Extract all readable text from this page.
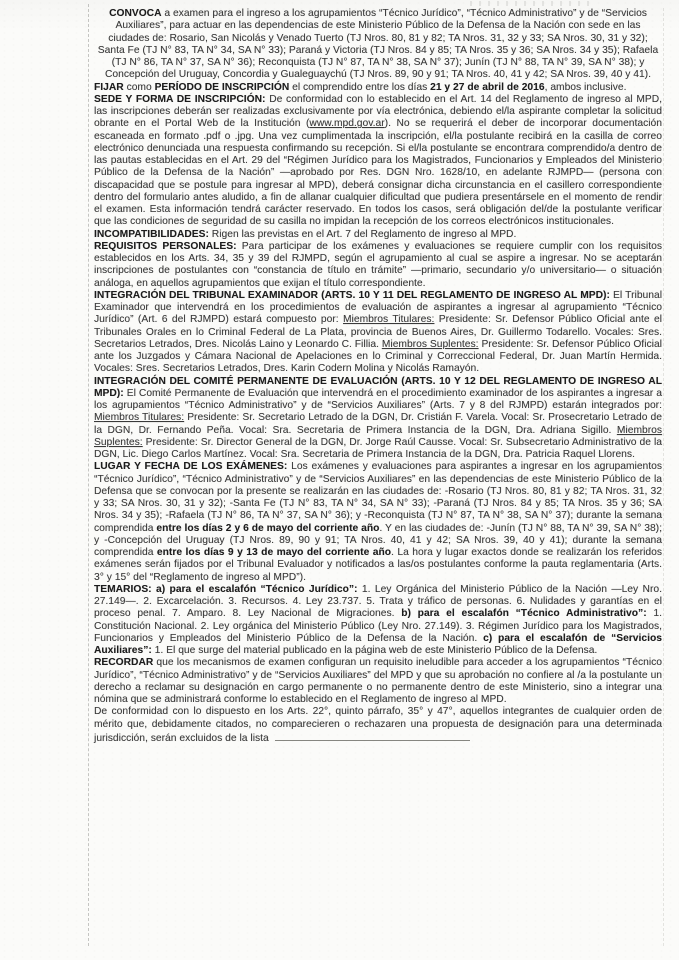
CONVOCA a examen para el ingreso a los agrupamientos “Técnico Jurídico”, “Técnico Administrativo” y de “Servicios Auxiliares”, para actuar en las dependencias de este Ministerio Público de la Defensa de la Nación con sede en las ciudades de: Rosario, San Nicolás y Venado Tuerto (TJ Nros. 80, 81 y 82; TA Nros. 31, 32 y 33; SA Nros. 30, 31 y 32); Santa Fe (TJ N° 83, TA N° 34, SA N° 33); Paraná y Victoria (TJ Nros. 84 y 85; TA Nros. 35 y 36; SA Nros. 34 y 35); Rafaela (TJ N° 86, TA N° 37, SA N° 36); Reconquista (TJ N° 87, TA N° 38, SA N° 37); Junín (TJ N° 88, TA N° 39, SA N° 38); y Concepción del Uruguay, Concordia y Gualeguaychú (TJ Nros. 89, 90 y 91; TA Nros. 40, 41 y 42; SA Nros. 39, 40 y 41).
FIJAR como PERÍODO DE INSCRIPCIÓN el comprendido entre los días 21 y 27 de abril de 2016, ambos inclusive.
SEDE Y FORMA DE INSCRIPCIÓN: De conformidad con lo establecido en el Art. 14 del Reglamento de ingreso al MPD, las inscripciones deberán ser realizadas exclusivamente por vía electrónica, debiendo el/la aspirante completar la solicitud obrante en el Portal Web de la Institución (www.mpd.gov.ar). No se requerirá el deber de incorporar documentación escaneada en formato .pdf o .jpg. Una vez cumplimentada la inscripción, el/la postulante recibirá en la casilla de correo electrónico denunciada una respuesta confirmando su recepción. Si el/la postulante se encontrara comprendido/a dentro de las pautas establecidas en el Art. 29 del “Régimen Jurídico para los Magistrados, Funcionarios y Empleados del Ministerio Público de la Defensa de la Nación” —aprobado por Res. DGN Nro. 1628/10, en adelante RJMPD— (persona con discapacidad que se postule para ingresar al MPD), deberá consignar dicha circunstancia en el casillero correspondiente dentro del formulario antes aludido, a fin de allanar cualquier dificultad que pudiera presentársele en el momento de rendir el examen. Esta información tendrá carácter reservado. En todos los casos, será obligación del/de la postulante verificar que las condiciones de seguridad de su casilla no impidan la recepción de los correos electrónicos institucionales.
INCOMPATIBILIDADES: Rigen las previstas en el Art. 7 del Reglamento de ingreso al MPD.
REQUISITOS PERSONALES: Para participar de los exámenes y evaluaciones se requiere cumplir con los requisitos establecidos en los Arts. 34, 35 y 39 del RJMPD, según el agrupamiento al cual se aspire a ingresar. No se aceptarán inscripciones de postulantes con “constancia de título en trámite” —primario, secundario y/o universitario— o situación análoga, en aquellos agrupamientos que exijan el título correspondiente.
INTEGRACIÓN DEL TRIBUNAL EXAMINADOR (ARTS. 10 Y 11 DEL REGLAMENTO DE INGRESO AL MPD): El Tribunal Examinador que intervendrá en los procedimientos de evaluación de aspirantes a ingresar al agrupamiento “Técnico Jurídico” (Art. 6 del RJMPD) estará compuesto por: Miembros Titulares: Presidente: Sr. Defensor Público Oficial ante el Tribunales Orales en lo Criminal Federal de La Plata, provincia de Buenos Aires, Dr. Guillermo Todarello. Vocales: Sres. Secretarios Letrados, Dres. Nicolás Laino y Leonardo C. Fillia. Miembros Suplentes: Presidente: Sr. Defensor Público Oficial ante los Juzgados y Cámara Nacional de Apelaciones en lo Criminal y Correccional Federal, Dr. Juan Martín Hermida. Vocales: Sres. Secretarios Letrados, Dres. Karin Codern Molina y Nicolás Ramayón.
INTEGRACIÓN DEL COMITÉ PERMANENTE DE EVALUACIÓN (ARTS. 10 Y 12 DEL REGLAMENTO DE INGRESO AL MPD): El Comité Permanente de Evaluación que intervendrá en el procedimiento examinador de los aspirantes a ingresar a los agrupamientos “Técnico Administrativo” y de “Servicios Auxiliares” (Arts. 7 y 8 del RJMPD) estarán integrados por: Miembros Titulares: Presidente: Sr. Secretario Letrado de la DGN, Dr. Cristián F. Varela. Vocal: Sr. Prosecretario Letrado de la DGN, Dr. Fernando Peña. Vocal: Sra. Secretaria de Primera Instancia de la DGN, Dra. Adriana Sigillo. Miembros Suplentes: Presidente: Sr. Director General de la DGN, Dr. Jorge Raúl Causse. Vocal: Sr. Subsecretario Administrativo de la DGN, Lic. Diego Carlos Martínez. Vocal: Sra. Secretaria de Primera Instancia de la DGN, Dra. Patricia Raquel Llorens.
LUGAR Y FECHA DE LOS EXÁMENES: Los exámenes y evaluaciones para aspirantes a ingresar en los agrupamientos “Técnico Jurídico”, “Técnico Administrativo” y de “Servicios Auxiliares” en las dependencias de este Ministerio Público de la Defensa que se convocan por la presente se realizarán en las ciudades de: -Rosario (TJ Nros. 80, 81 y 82; TA Nros. 31, 32 y 33; SA Nros. 30, 31 y 32); -Santa Fe (TJ N° 83, TA N° 34, SA N° 33); -Paraná (TJ Nros. 84 y 85; TA Nros. 35 y 36; SA Nros. 34 y 35); -Rafaela (TJ N° 86, TA N° 37, SA N° 36); y -Reconquista (TJ N° 87, TA N° 38, SA N° 37); durante la semana comprendida entre los días 2 y 6 de mayo del corriente año. Y en las ciudades de: -Junín (TJ N° 88, TA N° 39, SA N° 38); y -Concepción del Uruguay (TJ Nros. 89, 90 y 91; TA Nros. 40, 41 y 42; SA Nros. 39, 40 y 41); durante la semana comprendida entre los días 9 y 13 de mayo del corriente año. La hora y lugar exactos donde se realizarán los referidos exámenes serán fijados por el Tribunal Evaluador y notificados a las/os postulantes conforme la pauta reglamentaria (Arts. 3° y 15° del “Reglamento de ingreso al MPD”).
TEMARIOS: a) para el escalafón “Técnico Jurídico”: 1. Ley Orgánica del Ministerio Público de la Nación —Ley Nro. 27.149—. 2. Excarcelación. 3. Recursos. 4. Ley 23.737. 5. Trata y tráfico de personas. 6. Nulidades y garantías en el proceso penal. 7. Amparo. 8. Ley Nacional de Migraciones. b) para el escalafón “Técnico Administrativo”: 1. Constitución Nacional. 2. Ley orgánica del Ministerio Público (Ley Nro. 27.149). 3. Régimen Jurídico para los Magistrados, Funcionarios y Empleados del Ministerio Público de la Defensa de la Nación. c) para el escalafón de “Servicios Auxiliares”: 1. El que surge del material publicado en la página web de este Ministerio Público de la Defensa.
RECORDAR que los mecanismos de examen configuran un requisito ineludible para acceder a los agrupamientos “Técnico Jurídico”, “Técnico Administrativo” y de “Servicios Auxiliares” del MPD y que su aprobación no confiere al /a la postulante un derecho a reclamar su designación en cargo permanente o no permanente dentro de este Ministerio, sino a integrar una nómina que se administrará conforme lo establecido en el Reglamento de ingreso al MPD.
De conformidad con lo dispuesto en los Arts. 22°, quinto párrafo, 35° y 47°, aquellos integrantes de cualquier orden de mérito que, debidamente citados, no comparecieren o rechazaren una propuesta de designación para una determinada jurisdicción, serán excluidos de la lista
